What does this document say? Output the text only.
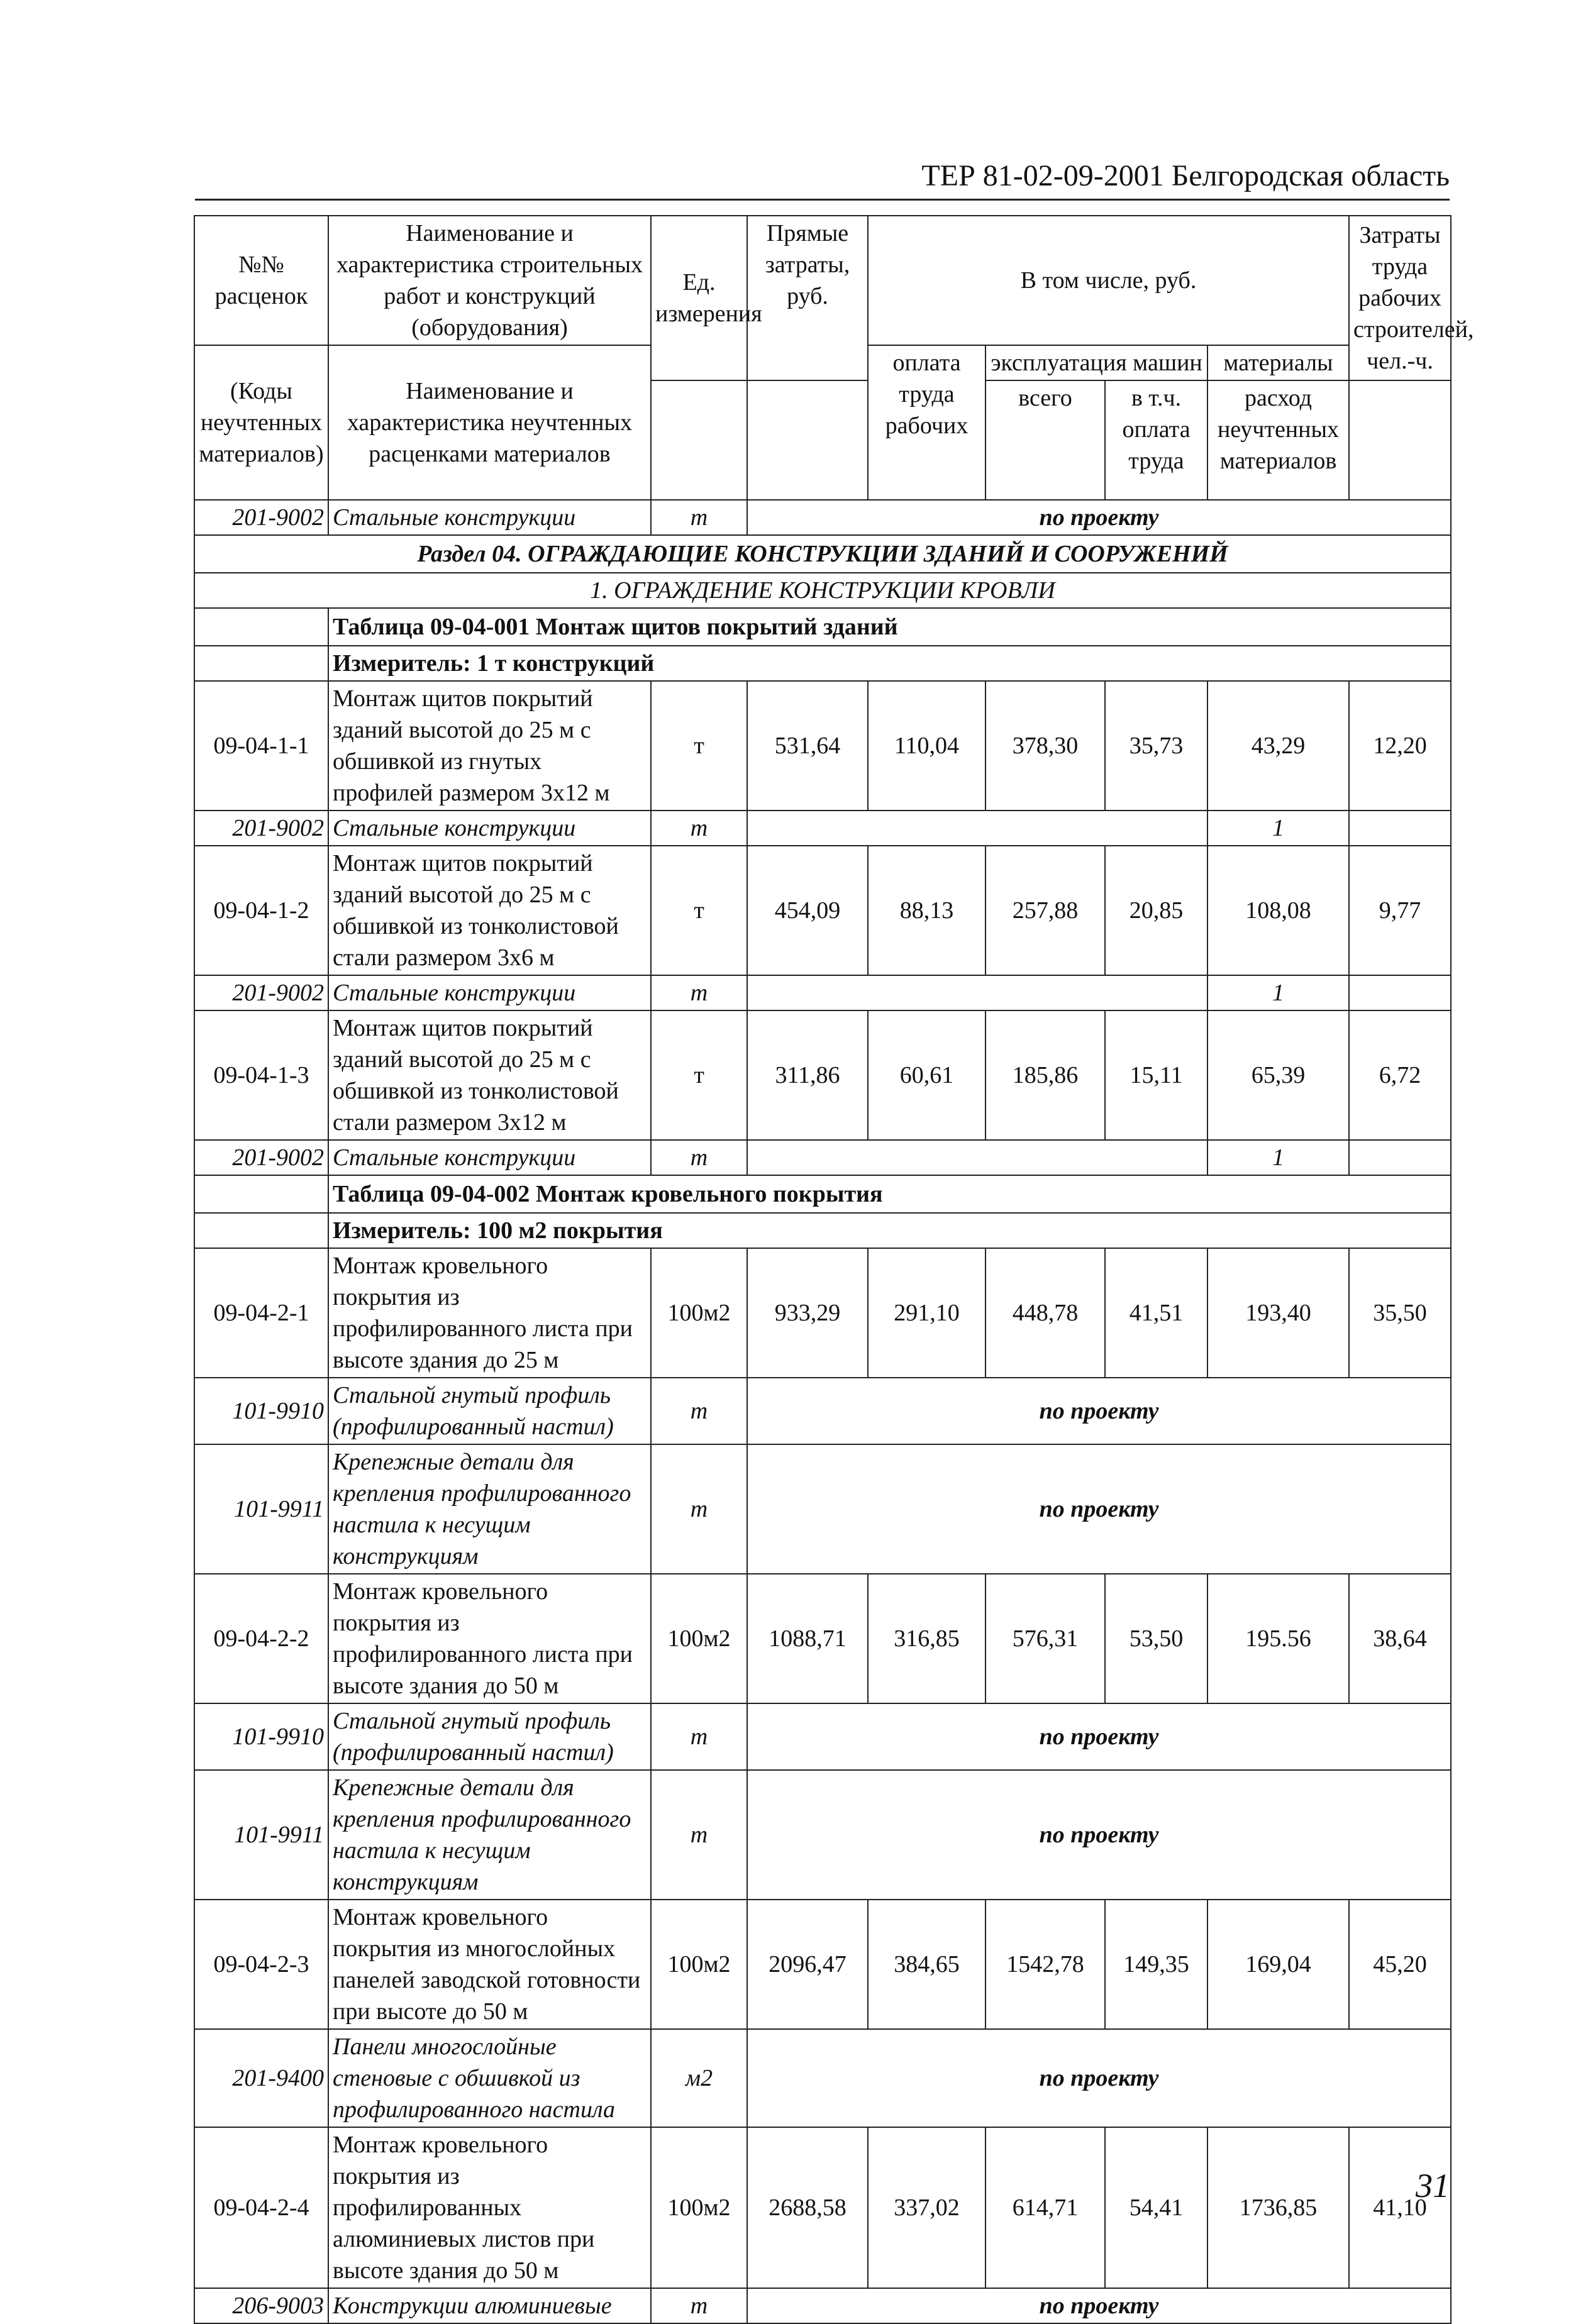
ТЕР 81-02-09-2001 Белгородская область
№№ расценок	Наименование и характеристика строительных работ и конструкций (оборудования)	Ед. измерения	Прямые затраты, руб.	В том числе, руб.				Затраты труда рабочих строителей, чел.-ч.
(Коды неучтенных материалов)	Наименование и характеристика неучтенных расценками материалов			оплата труда рабочих	эксплуатация машин		материалы	
					всего	в т.ч. оплата труда	расход неучтенных материалов	
201-9002	Стальные конструкции	т	по проекту					
Раздел 04. ОГРАЖДАЮЩИЕ КОНСТРУКЦИИ ЗДАНИЙ И СООРУЖЕНИЙ								
1. ОГРАЖДЕНИЕ КОНСТРУКЦИИ КРОВЛИ								
	Таблица 09-04-001 Монтаж щитов покрытий зданий							
	Измеритель: 1 т конструкций							
09-04-1-1	Монтаж щитов покрытий зданий высотой до 25 м с обшивкой из гнутых профилей размером 3х12 м	т	531,64	110,04	378,30	35,73	43,29	12,20
201-9002	Стальные конструкции	т					1	
09-04-1-2	Монтаж щитов покрытий зданий высотой до 25 м с обшивкой из тонколистовой стали размером 3х6 м	т	454,09	88,13	257,88	20,85	108,08	9,77
201-9002	Стальные конструкции	т					1	
09-04-1-3	Монтаж щитов покрытий зданий высотой до 25 м с обшивкой из тонколистовой стали размером 3х12 м	т	311,86	60,61	185,86	15,11	65,39	6,72
201-9002	Стальные конструкции	т					1	
	Таблица 09-04-002 Монтаж кровельного покрытия							
	Измеритель: 100 м2 покрытия							
09-04-2-1	Монтаж кровельного покрытия из профилированного листа при высоте здания до 25 м	100м2	933,29	291,10	448,78	41,51	193,40	35,50
101-9910	Стальной гнутый профиль (профилированный настил)	т	по проекту					
101-9911	Крепежные детали для крепления профилированного настила к несущим конструкциям	т	по проекту					
09-04-2-2	Монтаж кровельного покрытия из профилированного листа при высоте здания до 50 м	100м2	1088,71	316,85	576,31	53,50	195.56	38,64
101-9910	Стальной гнутый профиль (профилированный настил)	т	по проекту					
101-9911	Крепежные детали для крепления профилированного настила к несущим конструкциям	т	по проекту					
09-04-2-3	Монтаж кровельного покрытия из многослойных панелей заводской готовности при высоте до 50 м	100м2	2096,47	384,65	1542,78	149,35	169,04	45,20
201-9400	Панели многослойные стеновые с обшивкой из профилированного настила	м2	по проекту					
09-04-2-4	Монтаж кровельного покрытия из профилированных алюминиевых листов при высоте здания до 50 м	100м2	2688,58	337,02	614,71	54,41	1736,85	41,10
206-9003	Конструкции алюминиевые	т	по проекту					
31
